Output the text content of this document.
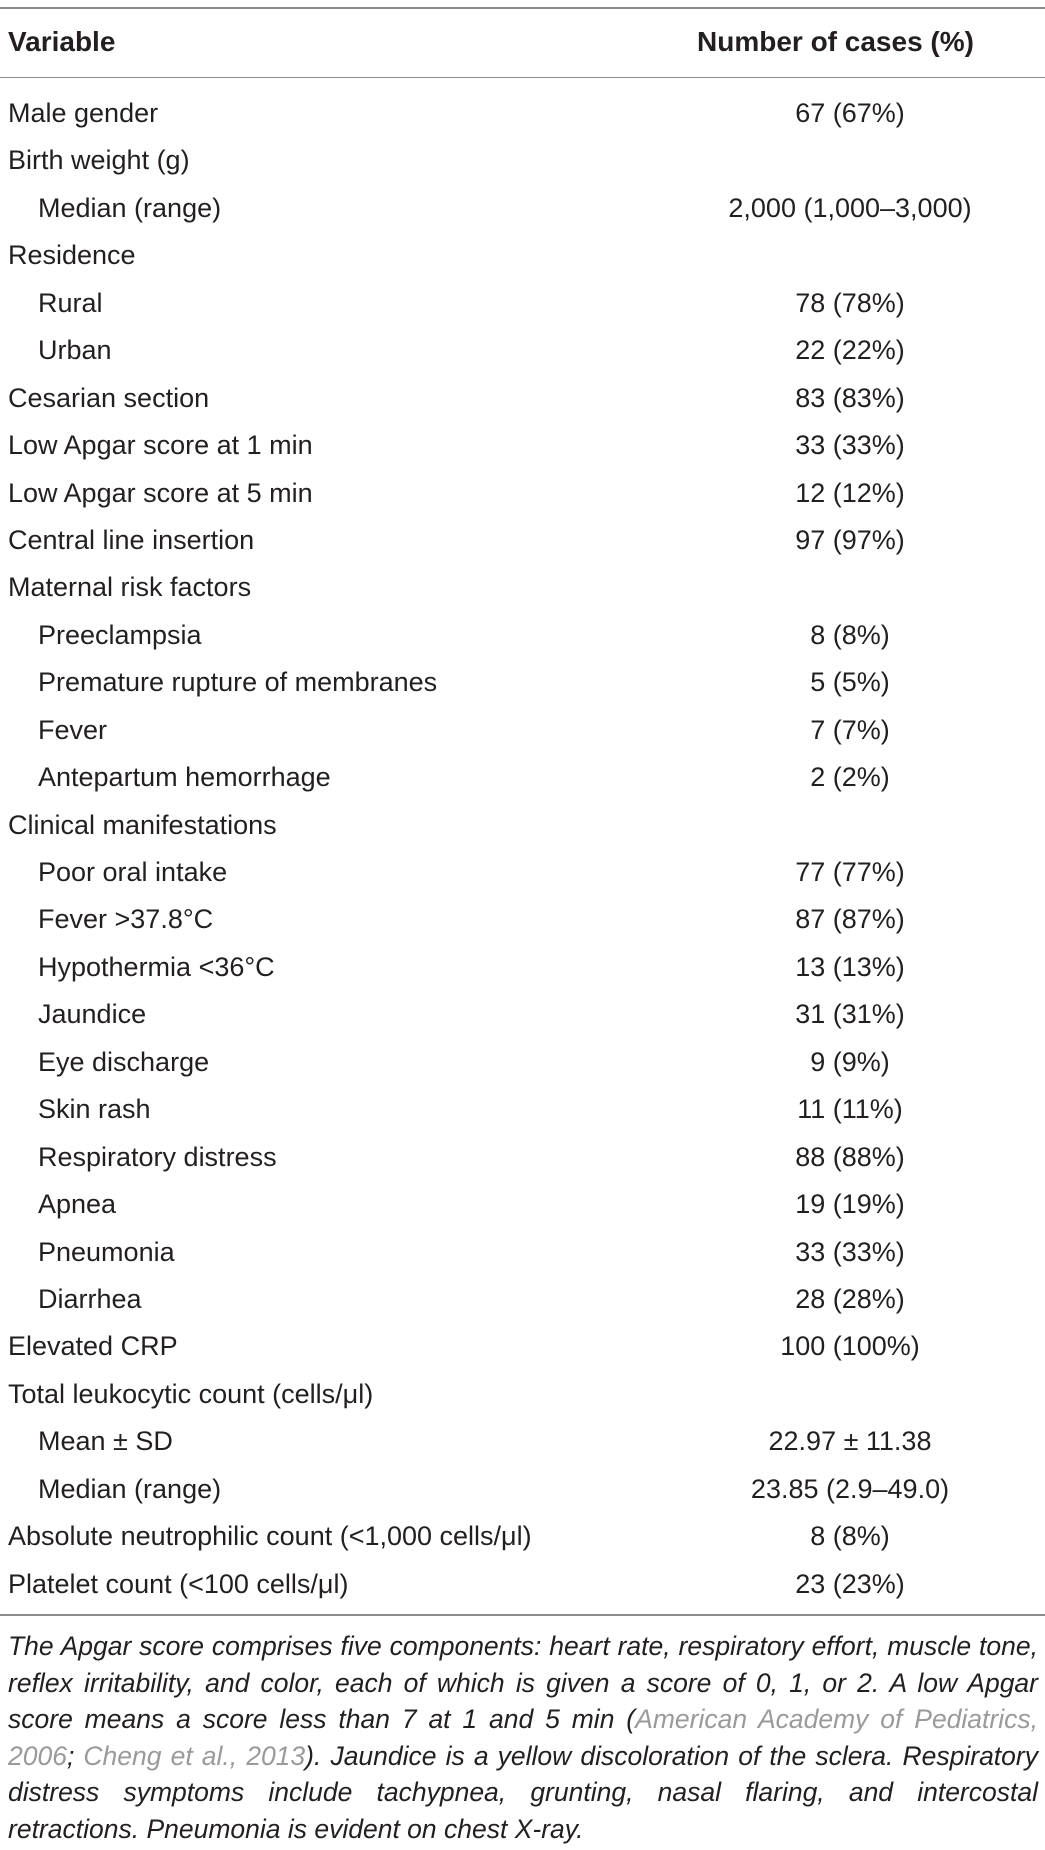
Variable	Number of cases (%)
Male gender	67 (67%)
Birth weight (g)
Median (range)	2,000 (1,000–3,000)
Residence
Rural	78 (78%)
Urban	22 (22%)
Cesarian section	83 (83%)
Low Apgar score at 1 min	33 (33%)
Low Apgar score at 5 min	12 (12%)
Central line insertion	97 (97%)
Maternal risk factors
Preeclampsia	8 (8%)
Premature rupture of membranes	5 (5%)
Fever	7 (7%)
Antepartum hemorrhage	2 (2%)
Clinical manifestations
Poor oral intake	77 (77%)
Fever >37.8°C	87 (87%)
Hypothermia <36°C	13 (13%)
Jaundice	31 (31%)
Eye discharge	9 (9%)
Skin rash	11 (11%)
Respiratory distress	88 (88%)
Apnea	19 (19%)
Pneumonia	33 (33%)
Diarrhea	28 (28%)
Elevated CRP	100 (100%)
Total leukocytic count (cells/μl)
Mean ± SD	22.97 ± 11.38
Median (range)	23.85 (2.9–49.0)
Absolute neutrophilic count (<1,000 cells/μl)	8 (8%)
Platelet count (<100 cells/μl)	23 (23%)
The Apgar score comprises five components: heart rate, respiratory effort, muscle tone, reflex irritability, and color, each of which is given a score of 0, 1, or 2. A low Apgar score means a score less than 7 at 1 and 5 min (American Academy of Pediatrics, 2006; Cheng et al., 2013). Jaundice is a yellow discoloration of the sclera. Respiratory distress symptoms include tachypnea, grunting, nasal flaring, and intercostal retractions. Pneumonia is evident on chest X-ray.
